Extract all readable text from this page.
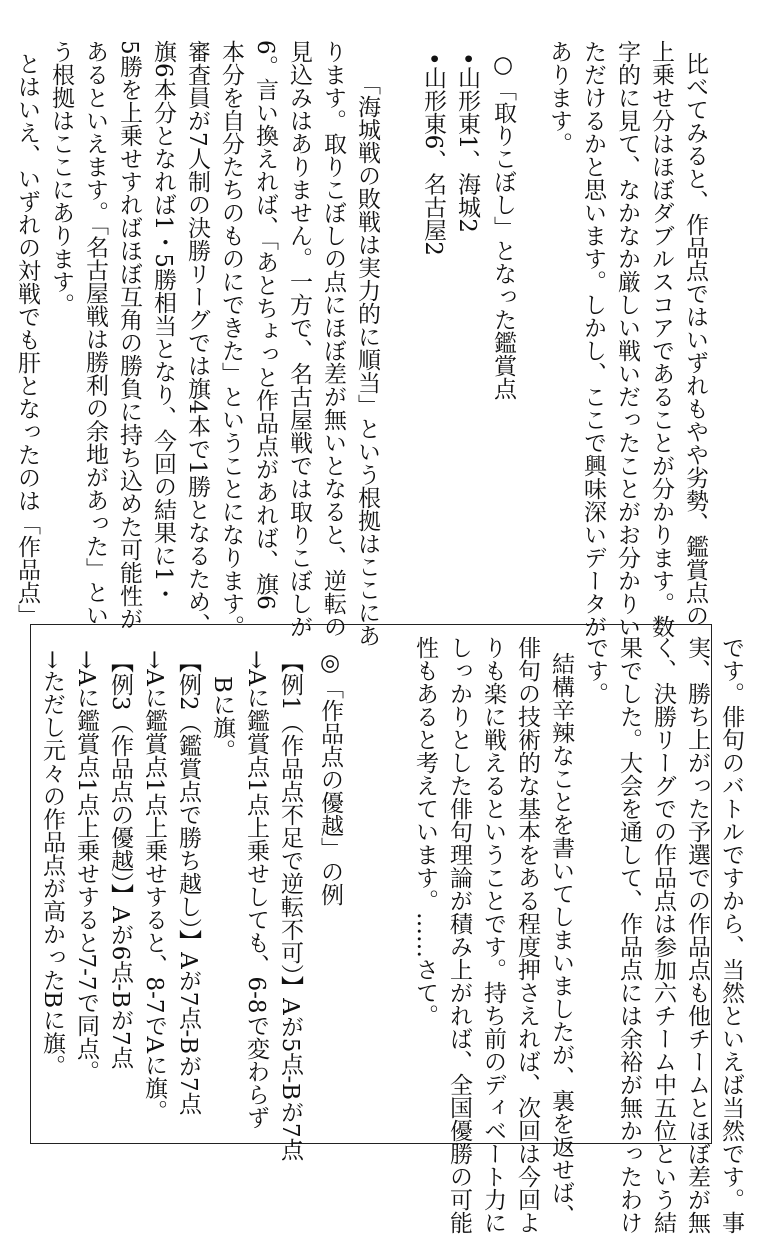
比べてみると、作品点ではいずれもやや劣勢、鑑賞点の
上乗せ分はほぼダブルスコアであることが分かります。数
字的に見て、なかなか厳しい戦いだったことがお分かりい
ただけるかと思います。しかし、ここで興味深いデータが
あります。
○「取りこぼし」となった鑑賞点
•山形東1、海城2
•山形東6、名古屋2
「海城戦の敗戦は実力的に順当」という根拠はここにあ
ります。取りこぼしの点にほぼ差が無いとなると、逆転の
見込みはありません。一方で、名古屋戦では取りこぼしが
6。言い換えれば、「あとちょっと作品点があれば、旗6
本分を自分たちのものにできた」ということになります。
審査員が7人制の決勝リーグでは旗4本で1勝となるため、
旗6本分となれば1・5勝相当となり、今回の結果に1・
5勝を上乗せすればほぼ互角の勝負に持ち込めた可能性が
あるといえます。「名古屋戦は勝利の余地があった」とい
う根拠はここにあります。
とはいえ、いずれの対戦でも肝となったのは「作品点」
です。俳句のバトルですから、当然といえば当然です。事
実、勝ち上がった予選での作品点も他チームとほぼ差が無
く、決勝リーグでの作品点は参加六チーム中五位という結
果でした。大会を通して、作品点には余裕が無かったわけ
です。
結構辛辣なことを書いてしまいましたが、裏を返せば、
俳句の技術的な基本をある程度押さえれば、次回は今回よ
りも楽に戦えるということです。持ち前のディベート力に
しっかりとした俳句理論が積み上がれば、全国優勝の可能
性もあると考えています。……さて。
◎「作品点の優越」の例
【例1（作品点不足で逆転不可）】Aが5点-Bが7点
→Aに鑑賞点1点上乗せしても、6-8で変わらず
Bに旗。
【例2（鑑賞点で勝ち越し）】Aが7点-Bが7点
→Aに鑑賞点1点上乗せすると、8-7でAに旗。
【例3（作品点の優越）】Aが6点-Bが7点
→Aに鑑賞点1点上乗せすると7-7で同点。
→ただし元々の作品点が高かったBに旗。
